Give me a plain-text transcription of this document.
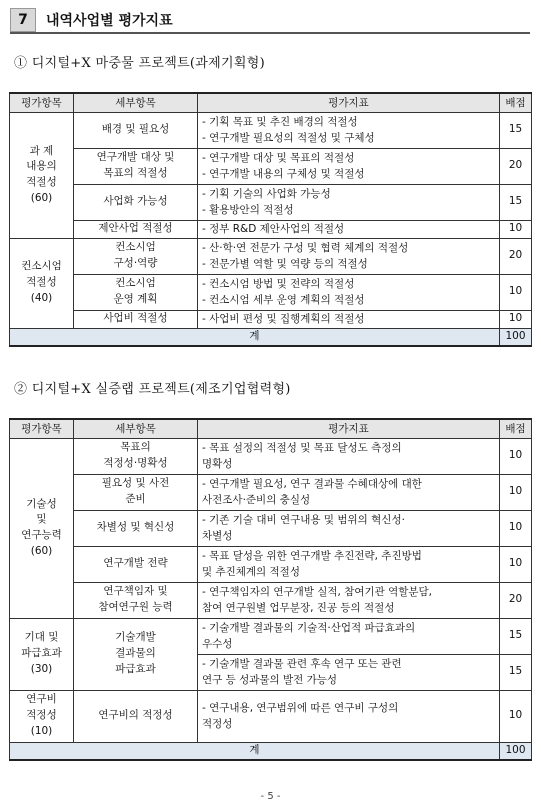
7	내역사업별 평가지표
① 디지털+X 마중물 프로젝트(과제기획형)
평가항목	세부항목	평가지표	배점

과 제
내용의
적절성
(60)	배경 및 필요성	- 기획 목표 및 추진 배경의 적절성
- 연구개발 필요성의 적절성 및 구체성	15

	연구개발 대상 및
목표의 적절성	- 연구개발 대상 및 목표의 적절성
- 연구개발 내용의 구체성 및 적절성	20

	사업화 가능성	- 기획 기술의 사업화 가능성
- 활용방안의 적절성	15

	제안사업 적절성	- 정부 R&D 제안사업의 적절성	10

컨소시엄
적절성
(40)	컨소시엄
구성·역량	- 산·학·연 전문가 구성 및 협력 체계의 적절성
- 전문가별 역할 및 역량 등의 적절성	20

	컨소시엄
운영 계획	- 컨소시엄 방법 및 전략의 적절성
- 컨소시엄 세부 운영 계획의 적절성	10

	사업비 적절성	- 사업비 편성 및 집행계획의 적절성	10
계			100
② 디지털+X 실증랩 프로젝트(제조기업협력형)
평가항목	세부항목	평가지표	배점

기술성
및
연구능력
(60)	목표의
적정성·명확성	- 목표 설정의 적절성 및 목표 달성도 측정의
명확성	10

	필요성 및 사전
준비	- 연구개발 필요성, 연구 결과물 수혜대상에 대한
사전조사·준비의 충실성	10

	차별성 및 혁신성	- 기존 기술 대비 연구내용 및 범위의 혁신성·
차별성	10

	연구개발 전략	- 목표 달성을 위한 연구개발 추진전략, 추진방법
및 추진체계의 적절성	10

	연구책임자 및
참여연구원 능력	- 연구책임자의 연구개발 실적, 참여기관 역할분담,
참여 연구원별 업무분장, 진공 등의 적절성	20

기대 및
파급효과
(30)	기술개발
결과물의
파급효과	- 기술개발 결과물의 기술적·산업적 파급효과의
우수성	15

		- 기술개발 결과물 관련 후속 연구 또는 관련
연구 등 성과물의 발전 가능성	15

연구비
적정성
(10)	연구비의 적정성	- 연구내용, 연구범위에 따른 연구비 구성의
적정성	10
계			100
- 5 -
